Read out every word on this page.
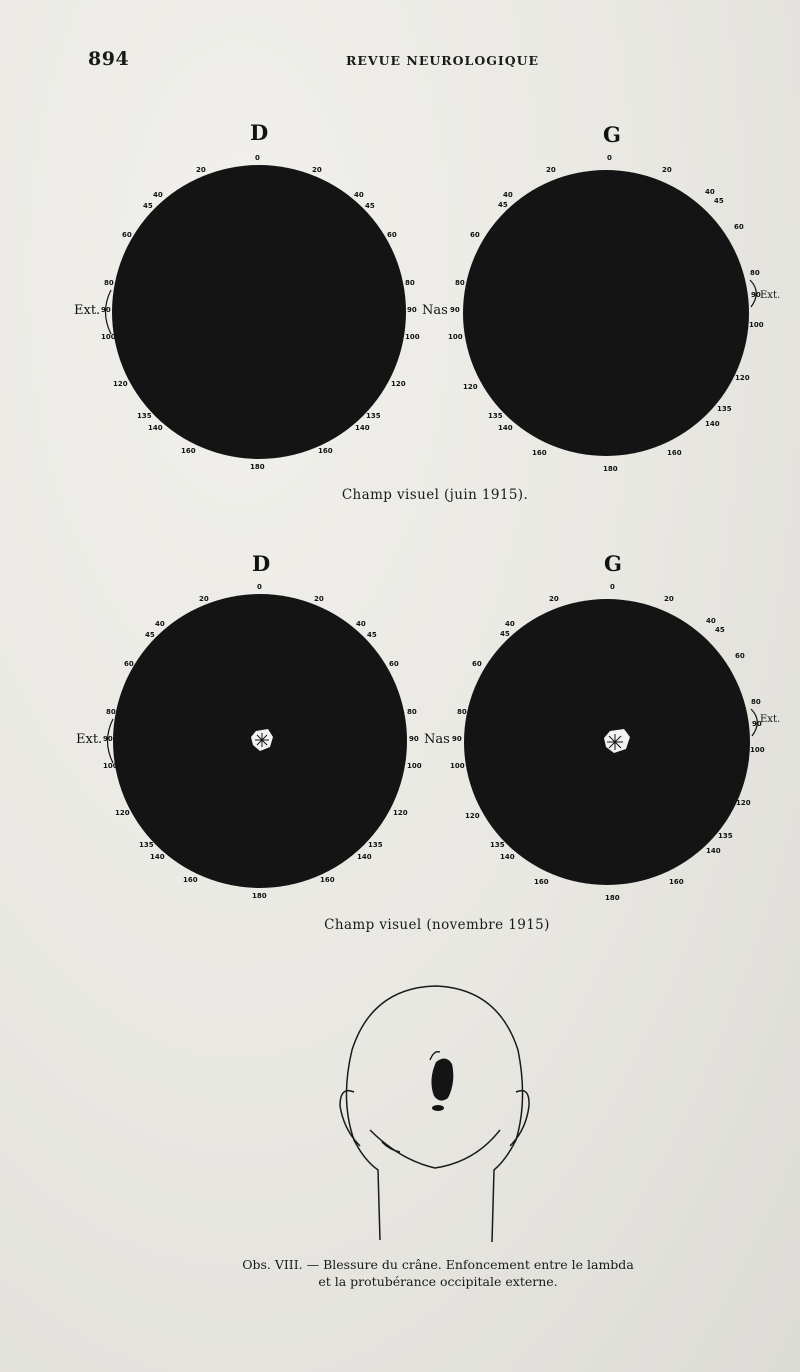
894	REVUE NEUROLOGIQUE
D	G
0
20	20
40	40
45	45
60	60
80	80
90	90
100	100
120	120
135	135
140	140
160	160
180
0
20	20
40	40
45	45
60
60
80
80
90
90
100
100
120
120
135
135
140	140
160	160
180
Ext.	Nas
Ext.
Champ visuel (juin 1915).
D	G
0
20	20
40	40
45	45
60	60
80	80
90	90
100	100
120	120
135	135
140	140
160	160
180
0
20	20
40	40
45	45
60
60
80
80
90
90
100
100
120
120
135
135
140
140
160	160
180
Ext.	Nas
Ext.
Champ visuel (novembre 1915)
Obs. VIII. — Blessure du crâne. Enfoncement entre le lambda
et la protubérance occipitale externe.
